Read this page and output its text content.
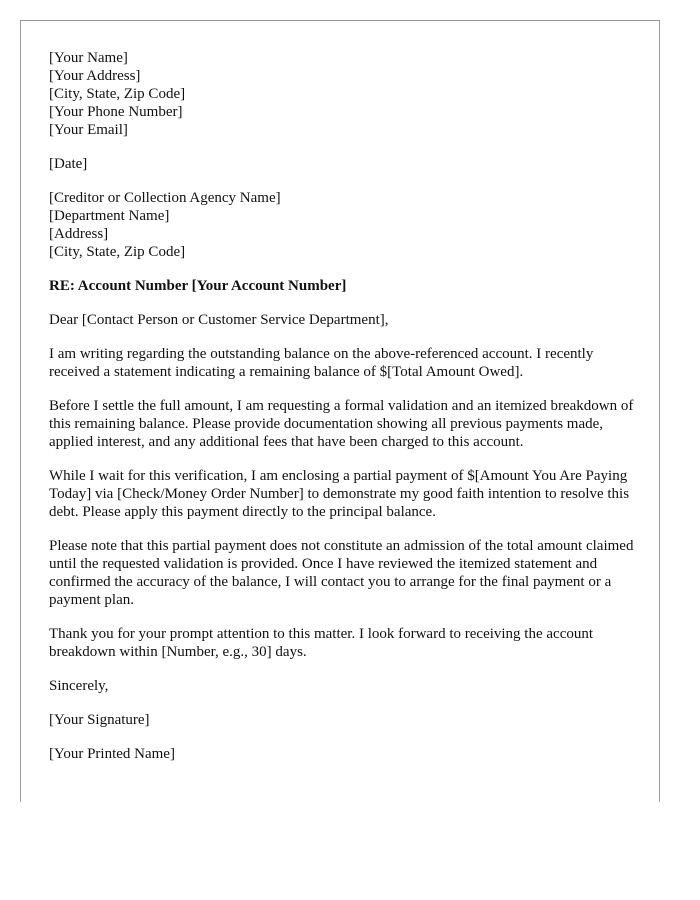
[Your Name]
[Your Address]
[City, State, Zip Code]
[Your Phone Number]
[Your Email]
[Date]
[Creditor or Collection Agency Name]
[Department Name]
[Address]
[City, State, Zip Code]
RE: Account Number [Your Account Number]
Dear [Contact Person or Customer Service Department],

I am writing regarding the outstanding balance on the above-referenced account. I recently received a statement indicating a remaining balance of $[Total Amount Owed].

Before I settle the full amount, I am requesting a formal validation and an itemized breakdown of this remaining balance. Please provide documentation showing all previous payments made, applied interest, and any additional fees that have been charged to this account.

While I wait for this verification, I am enclosing a partial payment of $[Amount You Are Paying Today] via [Check/Money Order Number] to demonstrate my good faith intention to resolve this debt. Please apply this payment directly to the principal balance.

Please note that this partial payment does not constitute an admission of the total amount claimed until the requested validation is provided. Once I have reviewed the itemized statement and confirmed the accuracy of the balance, I will contact you to arrange for the final payment or a payment plan.

Thank you for your prompt attention to this matter. I look forward to receiving the account breakdown within [Number, e.g., 30] days.

Sincerely,
[Your Signature]
[Your Printed Name]
